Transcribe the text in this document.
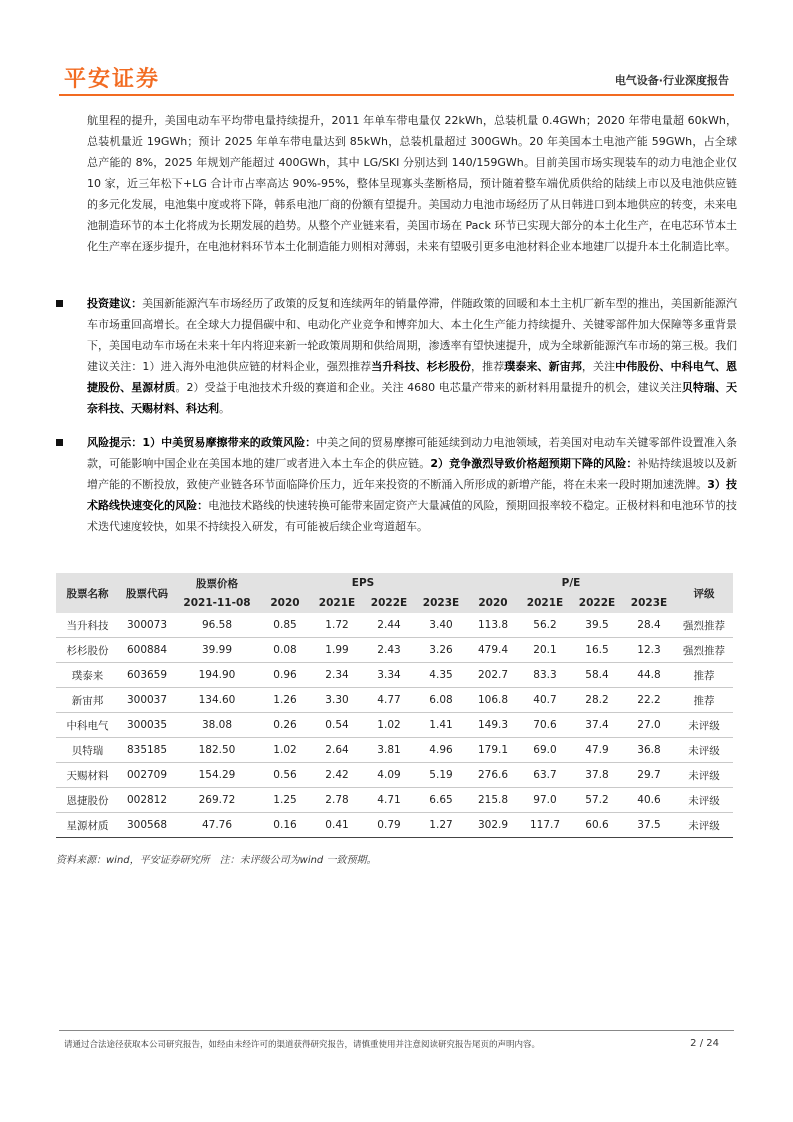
平安证券	电气设备·行业深度报告

航里程的提升，美国电动车平均带电量持续提升，2011 年单车带电量仅 22kWh，总装机量 0.4GWh；2020 年带电量超 60kWh，总装机量近 19GWh；预计 2025 年单车带电量达到 85kWh，总装机量超过 300GWh。20 年美国本土电池产能 59GWh，占全球总产能的 8%，2025 年规划产能超过 400GWh，其中 LG/SKI 分别达到 140/159GWh。目前美国市场实现装车的动力电池企业仅 10 家，近三年松下+LG 合计市占率高达 90%-95%，整体呈现寡头垄断格局，预计随着整车端优质供给的陆续上市以及电池供应链的多元化发展，电池集中度或将下降，韩系电池厂商的份额有望提升。美国动力电池市场经历了从日韩进口到本地供应的转变，未来电池制造环节的本土化将成为长期发展的趋势。从整个产业链来看，美国市场在 Pack 环节已实现大部分的本土化生产，在电芯环节本土化生产率在逐步提升，在电池材料环节本土化制造能力则相对薄弱，未来有望吸引更多电池材料企业本地建厂以提升本土化制造比率。

投资建议：美国新能源汽车市场经历了政策的反复和连续两年的销量停滞，伴随政策的回暖和本土主机厂新车型的推出，美国新能源汽车市场重回高增长。在全球大力提倡碳中和、电动化产业竞争和博弈加大、本土化生产能力持续提升、关键零部件加大保障等多重背景下，美国电动车市场在未来十年内将迎来新一轮政策周期和供给周期，渗透率有望快速提升，成为全球新能源汽车市场的第三极。我们建议关注：1）进入海外电池供应链的材料企业，强烈推荐当升科技、杉杉股份，推荐璞泰来、新宙邦，关注中伟股份、中科电气、恩捷股份、星源材质。2）受益于电池技术升级的赛道和企业。关注 4680 电芯量产带来的新材料用量提升的机会，建议关注贝特瑞、天奈科技、天赐材料、科达利。
风险提示：1）中美贸易摩擦带来的政策风险：中美之间的贸易摩擦可能延续到动力电池领域，若美国对电动车关键零部件设置准入条款，可能影响中国企业在美国本地的建厂或者进入本土车企的供应链。2）竞争激烈导致价格超预期下降的风险：补贴持续退坡以及新增产能的不断投放，致使产业链各环节面临降价压力，近年来投资的不断涌入所形成的新增产能，将在未来一段时期加速洗牌。3）技术路线快速变化的风险：电池技术路线的快速转换可能带来固定资产大量减值的风险，预期回报率较不稳定。正极材料和电池环节的技术迭代速度较快，如果不持续投入研发，有可能被后续企业弯道超车。
股票名称	股票代码	股票价格	EPS				P/E				评级
		2021-11-08	2020	2021E	2022E	2023E	2020	2021E	2022E	2023E	
当升科技	300073	96.58	0.85	1.72	2.44	3.40	113.8	56.2	39.5	28.4	强烈推荐
杉杉股份	600884	39.99	0.08	1.99	2.43	3.26	479.4	20.1	16.5	12.3	强烈推荐
璞泰来	603659	194.90	0.96	2.34	3.34	4.35	202.7	83.3	58.4	44.8	推荐
新宙邦	300037	134.60	1.26	3.30	4.77	6.08	106.8	40.7	28.2	22.2	推荐
中科电气	300035	38.08	0.26	0.54	1.02	1.41	149.3	70.6	37.4	27.0	未评级
贝特瑞	835185	182.50	1.02	2.64	3.81	4.96	179.1	69.0	47.9	36.8	未评级
天赐材料	002709	154.29	0.56	2.42	4.09	5.19	276.6	63.7	37.8	29.7	未评级
恩捷股份	002812	269.72	1.25	2.78	4.71	6.65	215.8	97.0	57.2	40.6	未评级
星源材质	300568	47.76	0.16	0.41	0.79	1.27	302.9	117.7	60.6	37.5	未评级
资料来源：wind，平安证券研究所　注：未评级公司为wind 一致预期。
请通过合法途径获取本公司研究报告，如经由未经许可的渠道获得研究报告，请慎重使用并注意阅读研究报告尾页的声明内容。	2 / 24
